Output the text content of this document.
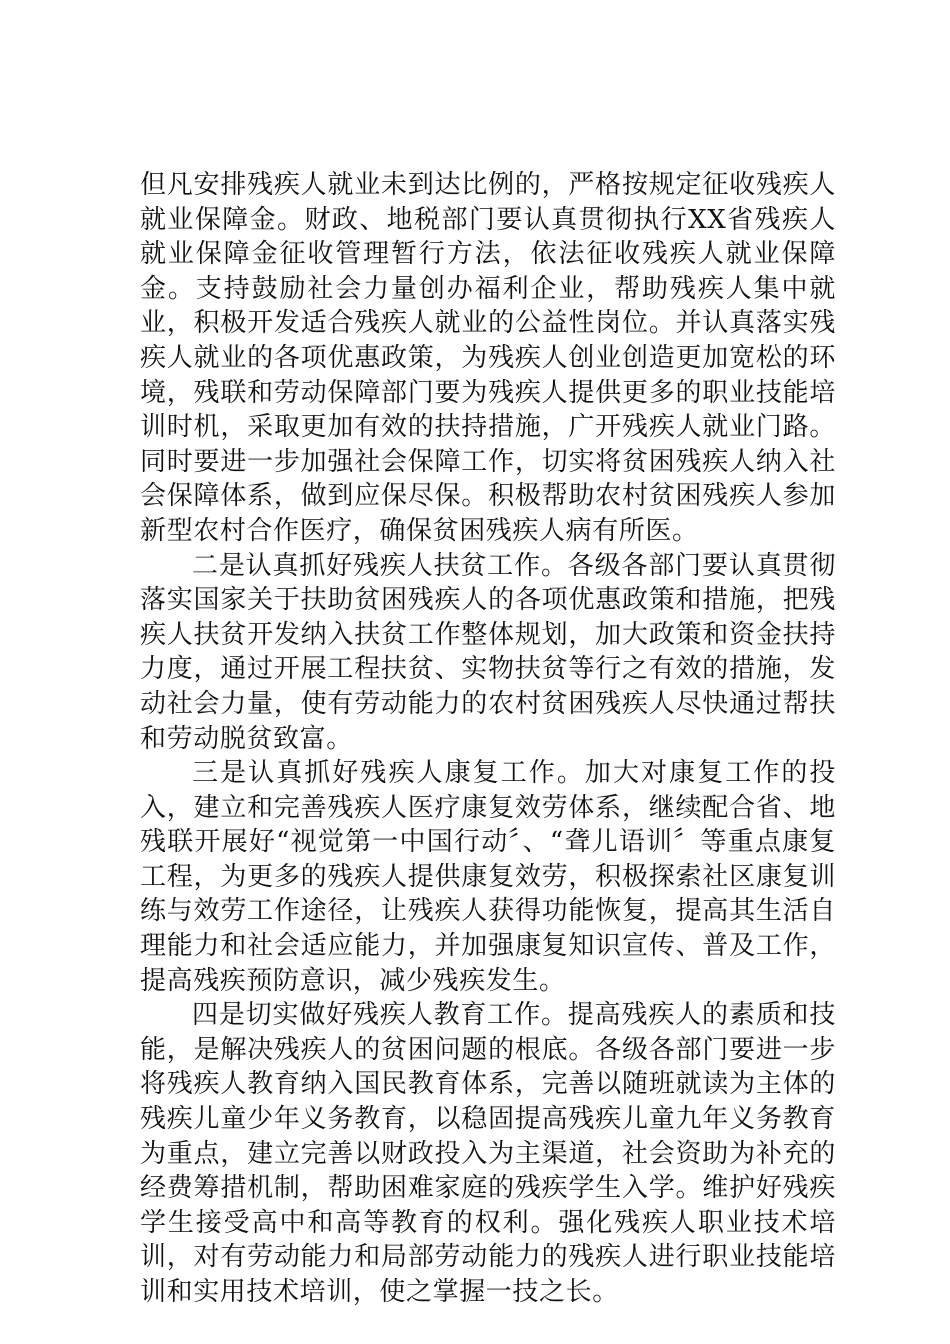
但凡安排残疾人就业未到达比例的，严格按规定征收残疾人就业保障金。财政、地税部门要认真贯彻执行XX省残疾人就业保障金征收管理暂行方法，依法征收残疾人就业保障金。支持鼓励社会力量创办福利企业，帮助残疾人集中就业，积极开发适合残疾人就业的公益性岗位。并认真落实残疾人就业的各项优惠政策，为残疾人创业创造更加宽松的环境，残联和劳动保障部门要为残疾人提供更多的职业技能培训时机，采取更加有效的扶持措施，广开残疾人就业门路。同时要进一步加强社会保障工作，切实将贫困残疾人纳入社会保障体系，做到应保尽保。积极帮助农村贫困残疾人参加新型农村合作医疗，确保贫困残疾人病有所医。

二是认真抓好残疾人扶贫工作。各级各部门要认真贯彻落实国家关于扶助贫困残疾人的各项优惠政策和措施，把残疾人扶贫开发纳入扶贫工作整体规划，加大政策和资金扶持力度，通过开展工程扶贫、实物扶贫等行之有效的措施，发动社会力量，使有劳动能力的农村贫困残疾人尽快通过帮扶和劳动脱贫致富。

三是认真抓好残疾人康复工作。加大对康复工作的投入，建立和完善残疾人医疗康复效劳体系，继续配合省、地残联开展好“视觉第一中国行动〞、“聋儿语训〞等重点康复工程，为更多的残疾人提供康复效劳，积极探索社区康复训练与效劳工作途径，让残疾人获得功能恢复，提高其生活自理能力和社会适应能力，并加强康复知识宣传、普及工作，提高残疾预防意识，减少残疾发生。

四是切实做好残疾人教育工作。提高残疾人的素质和技能，是解决残疾人的贫困问题的根底。各级各部门要进一步将残疾人教育纳入国民教育体系，完善以随班就读为主体的残疾儿童少年义务教育，以稳固提高残疾儿童九年义务教育为重点，建立完善以财政投入为主渠道，社会资助为补充的经费筹措机制，帮助困难家庭的残疾学生入学。维护好残疾学生接受高中和高等教育的权利。强化残疾人职业技术培训，对有劳动能力和局部劳动能力的残疾人进行职业技能培训和实用技术培训，使之掌握一技之长。
